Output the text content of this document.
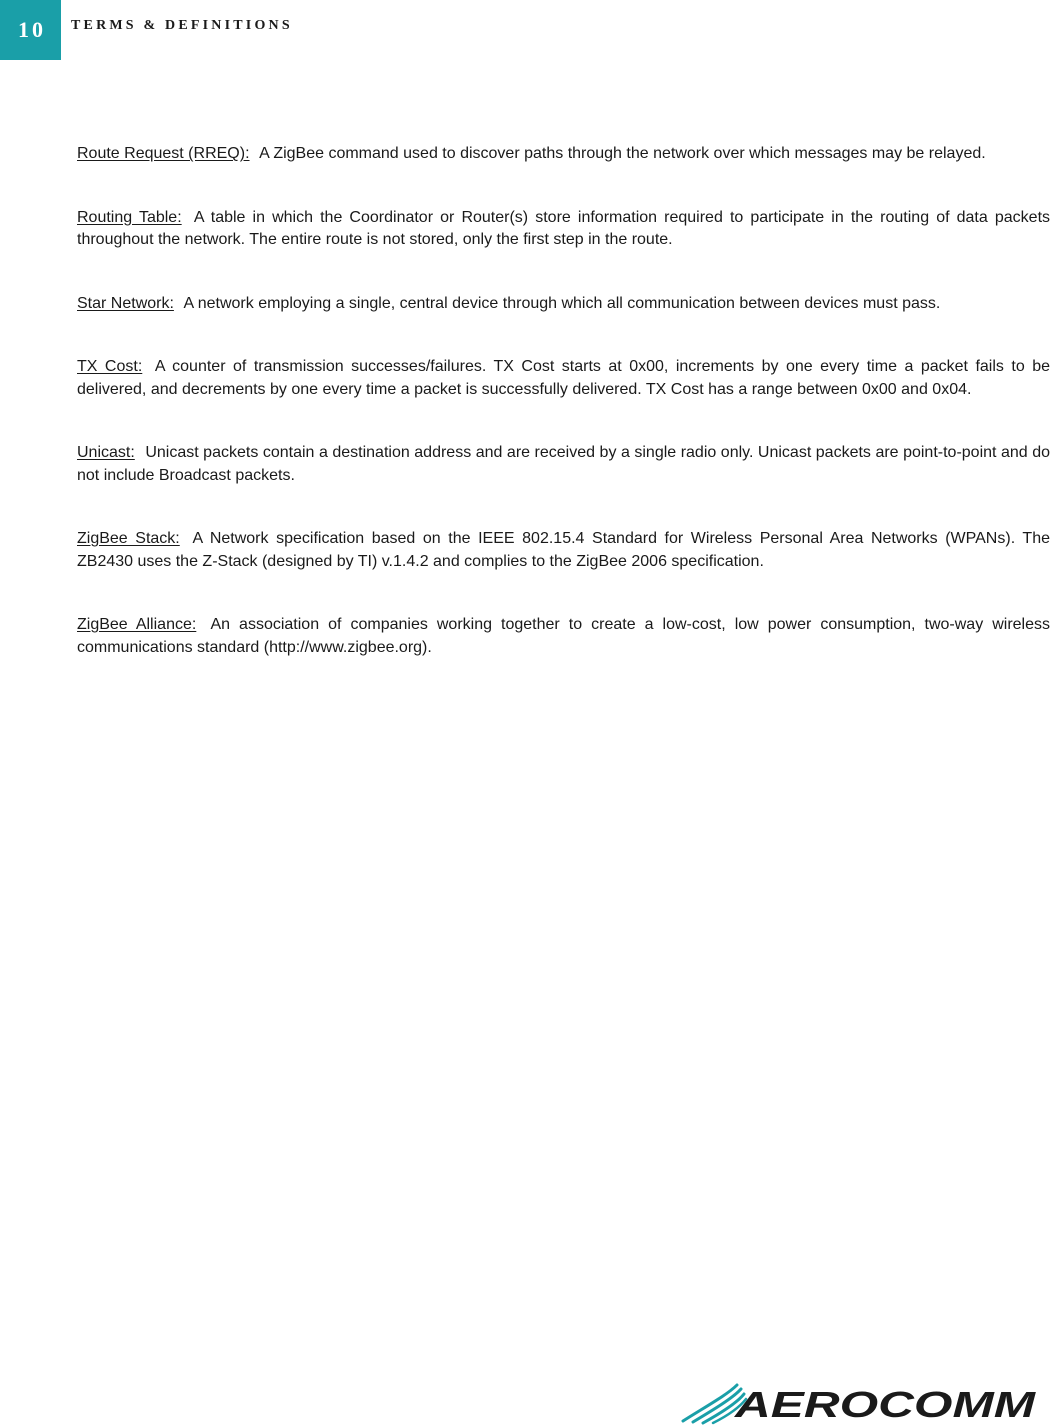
10 TERMS & DEFINITIONS

Route Request (RREQ): A ZigBee command used to discover paths through the network over which messages may be relayed.

Routing Table: A table in which the Coordinator or Router(s) store information required to participate in the routing of data packets throughout the network. The entire route is not stored, only the first step in the route.

Star Network: A network employing a single, central device through which all communication between devices must pass.

TX Cost: A counter of transmission successes/failures. TX Cost starts at 0x00, increments by one every time a packet fails to be delivered, and decrements by one every time a packet is successfully delivered. TX Cost has a range between 0x00 and 0x04.

Unicast: Unicast packets contain a destination address and are received by a single radio only. Unicast packets are point-to-point and do not include Broadcast packets.

ZigBee Stack: A Network specification based on the IEEE 802.15.4 Standard for Wireless Personal Area Networks (WPANs). The ZB2430 uses the Z-Stack (designed by TI) v.1.4.2 and complies to the ZigBee 2006 specification.

ZigBee Alliance: An association of companies working together to create a low-cost, low power consumption, two-way wireless communications standard (http://www.zigbee.org).

AEROCOMM
